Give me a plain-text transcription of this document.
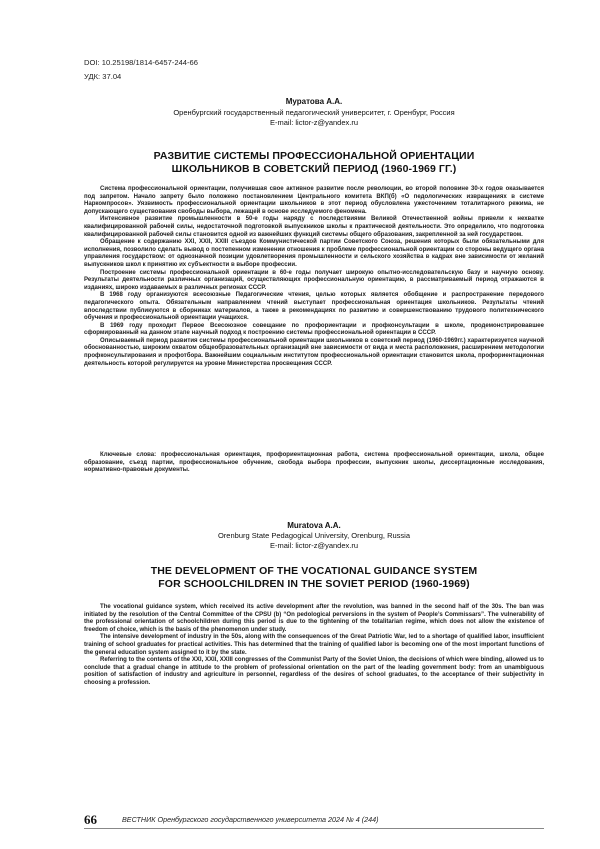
DOI: 10.25198/1814-6457-244-66
УДК: 37.04
Муратова А.А.
Оренбургский государственный педагогический университет, г. Оренбург, Россия
E-mail: lictor-z@yandex.ru
РАЗВИТИЕ СИСТЕМЫ ПРОФЕССИОНАЛЬНОЙ ОРИЕНТАЦИИ
ШКОЛЬНИКОВ В СОВЕТСКИЙ ПЕРИОД (1960-1969 ГГ.)

Система профессиональной ориентации, получившая свое активное развитие после революции, во второй половине 30-х годов оказывается под запретом. Начало запрету было положено постановлением Центрального комитета ВКП(б) «О педологических извращениях в системе Наркомпросов». Уязвимость профессиональной ориентации школьников в этот период обусловлена ужесточением тоталитарного режима, не допускающего существования свободы выбора, лежащей в основе исследуемого феномена.

Интенсивное развитие промышленности в 50-е годы наряду с последствиями Великой Отечественной войны привели к нехватке квалифицированной рабочей силы, недостаточной подготовкой выпускников школы к практической деятельности. Это определило, что подготовка квалифицированной рабочей силы становится одной из важнейших функций системы общего образования, закрепленной за ней государством.

Обращение к содержанию XXI, XXII, XXIII съездов Коммунистической партии Советского Союза, решения которых были обязательными для исполнения, позволило сделать вывод о постепенном изменении отношения к проблеме профессиональной ориентации со стороны ведущего органа управления государством: от однозначной позиции удовлетворения промышленности и сельского хозяйства в кадрах вне зависимости от желаний выпускников школ к принятию их субъектности в выборе профессии.

Построение системы профессиональной ориентации в 60-е годы получает широкую опытно-исследовательскую базу и научную основу. Результаты деятельности различных организаций, осуществляющих профессиональную ориентацию, в рассматриваемый период отражаются в изданиях, широко издаваемых в различных регионах СССР.

В 1968 году организуются всесоюзные Педагогические чтения, целью которых является обобщение и распространение передового педагогического опыта. Обязательным направлением чтений выступает профессиональная ориентация школьников. Результаты чтений впоследствии публикуются в сборниках материалов, а также в рекомендациях по развитию и совершенствованию трудового политехнического обучения и профессиональной ориентации учащихся.

В 1969 году проходит Первое Всесоюзное совещание по профориентации и профконсультации в школе, продемонстрировавшее сформированный на данном этапе научный подход к построению системы профессиональной ориентации в СССР.

Описываемый период развития системы профессиональной ориентации школьников в советский период (1960-1969гг.) характеризуется научной обоснованностью, широким охватом общеобразовательных организаций вне зависимости от вида и места расположения, расширением методологии профконсультирования и профотбора. Важнейшим социальным институтом профессиональной ориентации становится школа, профориентационная деятельность которой регулируется на уровне Министерства просвещения СССР.

Ключевые слова: профессиональная ориентация, профориентационная работа, система профессиональной ориентации, школа, общее образование, съезд партии, профессиональное обучение, свобода выбора профессии, выпускник школы, диссертационные исследования, нормативно-правовые документы.
Muratova A.A.
Orenburg State Pedagogical University, Orenburg, Russia
E-mail: lictor-z@yandex.ru
THE DEVELOPMENT OF THE VOCATIONAL GUIDANCE SYSTEM
FOR SCHOOLCHILDREN IN THE SOVIET PERIOD (1960-1969)

The vocational guidance system, which received its active development after the revolution, was banned in the second half of the 30s. The ban was initiated by the resolution of the Central Committee of the CPSU (b) “On pedological perversions in the system of People’s Commissars”. The vulnerability of the professional orientation of schoolchildren during this period is due to the tightening of the totalitarian regime, which does not allow the existence of freedom of choice, which is the basis of the phenomenon under study.

The intensive development of industry in the 50s, along with the consequences of the Great Patriotic War, led to a shortage of qualified labor, insufficient training of school graduates for practical activities. This has determined that the training of qualified labor is becoming one of the most important functions of the general education system assigned to it by the state.

Referring to the contents of the XXI, XXII, XXIII congresses of the Communist Party of the Soviet Union, the decisions of which were binding, allowed us to conclude that a gradual change in attitude to the problem of professional orientation on the part of the leading government body: from an unambiguous position of satisfaction of industry and agriculture in personnel, regardless of the desires of school graduates, to the acceptance of their subjectivity in choosing a profession.

66	ВЕСТНИК Оренбургского государственного университета 2024 № 4 (244)
